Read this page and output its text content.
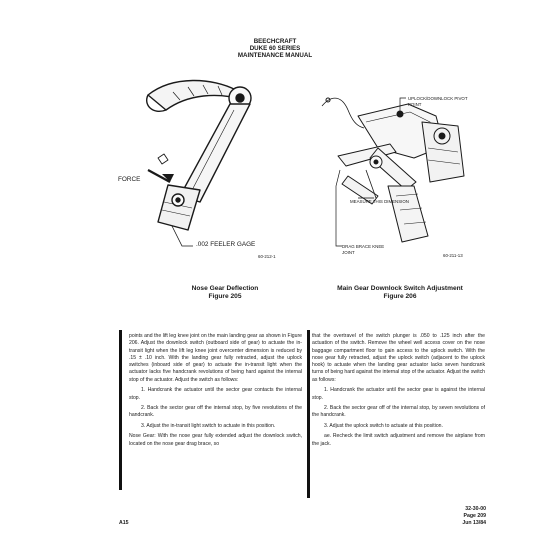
BEECHCRAFT
DUKE 60 SERIES
MAINTENANCE MANUAL
FORCE
.002 FEELER GAGE
60-212-1
UPLOCK/DOWNLOCK PIVOT POINT
MEASURE THIS DIMENSION
DRAG BRACE KNEE JOINT
60-211-13
Nose Gear Deflection
Figure 205
Main Gear Downlock Switch Adjustment
Figure 206

points and the lift leg knee joint on the main landing gear as shown in Figure 206. Adjust the downlock switch (outboard side of gear) to actuate the in-transit light when the lift leg knee joint overcenter dimension is reduced by .15 ± .10 inch. With the landing gear fully retracted, adjust the uplock switches (inboard side of gear) to actuate the in-transit light when the actuator lacks five handcrank revolutions of being hard against the internal stop of the actuator. Adjust the switch as follows:

1. Handcrank the actuator until the sector gear contacts the internal stop.

2. Back the sector gear off the internal stop, by five revolutions of the handcrank.

3. Adjust the in-transit light switch to actuate in this position.

Nose Gear: With the nose gear fully extended adjust the downlock switch, located on the nose gear drag brace, so

that the overtravel of the switch plunger is .050 to .125 inch after the actuation of the switch. Remove the wheel well access cover on the nose baggage compartment floor to gain access to the uplock switch. With the nose gear fully retracted, adjust the uplock switch (adjacent to the uplock hook) to actuate when the landing gear actuator lacks seven handcrank turns of being hard against the internal stop of the actuator. Adjust the switch as follows:

1. Handcrank the actuator until the sector gear is against the internal stop.

2. Back the sector gear off of the internal stop, by seven revolutions of the handcrank.

3. Adjust the uplock switch to actuate at this position.

ae. Recheck the limit switch adjustment and remove the airplane from the jack.

32-30-00
Page 209
Jun 13/84
A15
